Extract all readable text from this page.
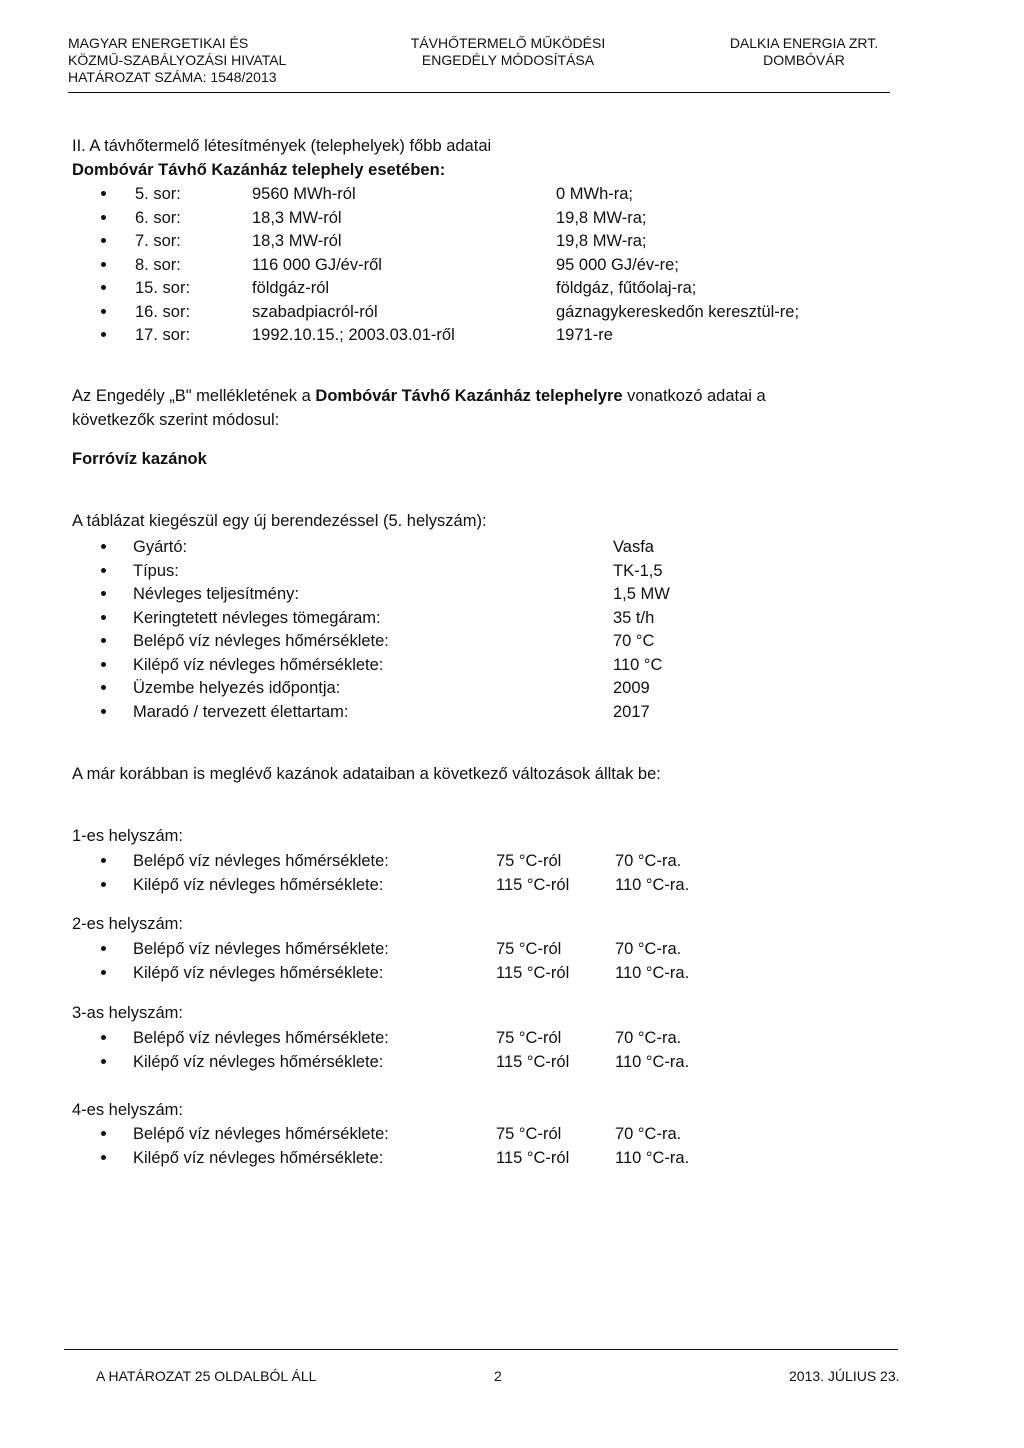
MAGYAR ENERGETIKAI ÉS
KÖZMŰ-SZABÁLYOZÁSI HIVATAL
HATÁROZAT SZÁMA: 1548/2013
TÁVHŐTERMELŐ MŰKÖDÉSI
ENGEDÉLY MÓDOSÍTÁSA
DALKIA ENERGIA ZRT.
DOMBÓVÁR
II. A távhőtermelő létesítmények (telephelyek) főbb adatai
Dombóvár Távhő Kazánház telephely esetében:
5. sor:	9560 MWh-ról	0 MWh-ra;
6. sor:	18,3 MW-ról	19,8 MW-ra;
7. sor:	18,3 MW-ról	19,8 MW-ra;
8. sor:	116 000 GJ/év-ről	95 000 GJ/év-re;
15. sor:	földgáz-ról	földgáz, fűtőolaj-ra;
16. sor:	szabadpiacról-ról	gáznagykereskedőn keresztül-re;
17. sor:	1992.10.15.; 2003.03.01-ről	1971-re
Az Engedély „B" mellékletének a Dombóvár Távhő Kazánház telephelyre vonatkozó adatai a
következők szerint módosul:
Forróvíz kazánok
A táblázat kiegészül egy új berendezéssel (5. helyszám):
Gyártó:	Vasfa
Típus:	TK-1,5
Névleges teljesítmény:	1,5 MW
Keringtetett névleges tömegáram:	35 t/h
Belépő víz névleges hőmérséklete:	70 °C
Kilépő víz névleges hőmérséklete:	110 °C
Üzembe helyezés időpontja:	2009
Maradó / tervezett élettartam:	2017
A már korábban is meglévő kazánok adataiban a következő változások álltak be:
1-es helyszám:
Belépő víz névleges hőmérséklete:	75 °C-ról	70 °C-ra.
Kilépő víz névleges hőmérséklete:	115 °C-ról	110 °C-ra.
2-es helyszám:
Belépő víz névleges hőmérséklete:	75 °C-ról	70 °C-ra.
Kilépő víz névleges hőmérséklete:	115 °C-ról	110 °C-ra.
3-as helyszám:
Belépő víz névleges hőmérséklete:	75 °C-ról	70 °C-ra.
Kilépő víz névleges hőmérséklete:	115 °C-ról	110 °C-ra.
4-es helyszám:
Belépő víz névleges hőmérséklete:	75 °C-ról	70 °C-ra.
Kilépő víz névleges hőmérséklete:	115 °C-ról	110 °C-ra.
A HATÁROZAT 25 OLDALBÓL ÁLL	2	2013. JÚLIUS 23.
